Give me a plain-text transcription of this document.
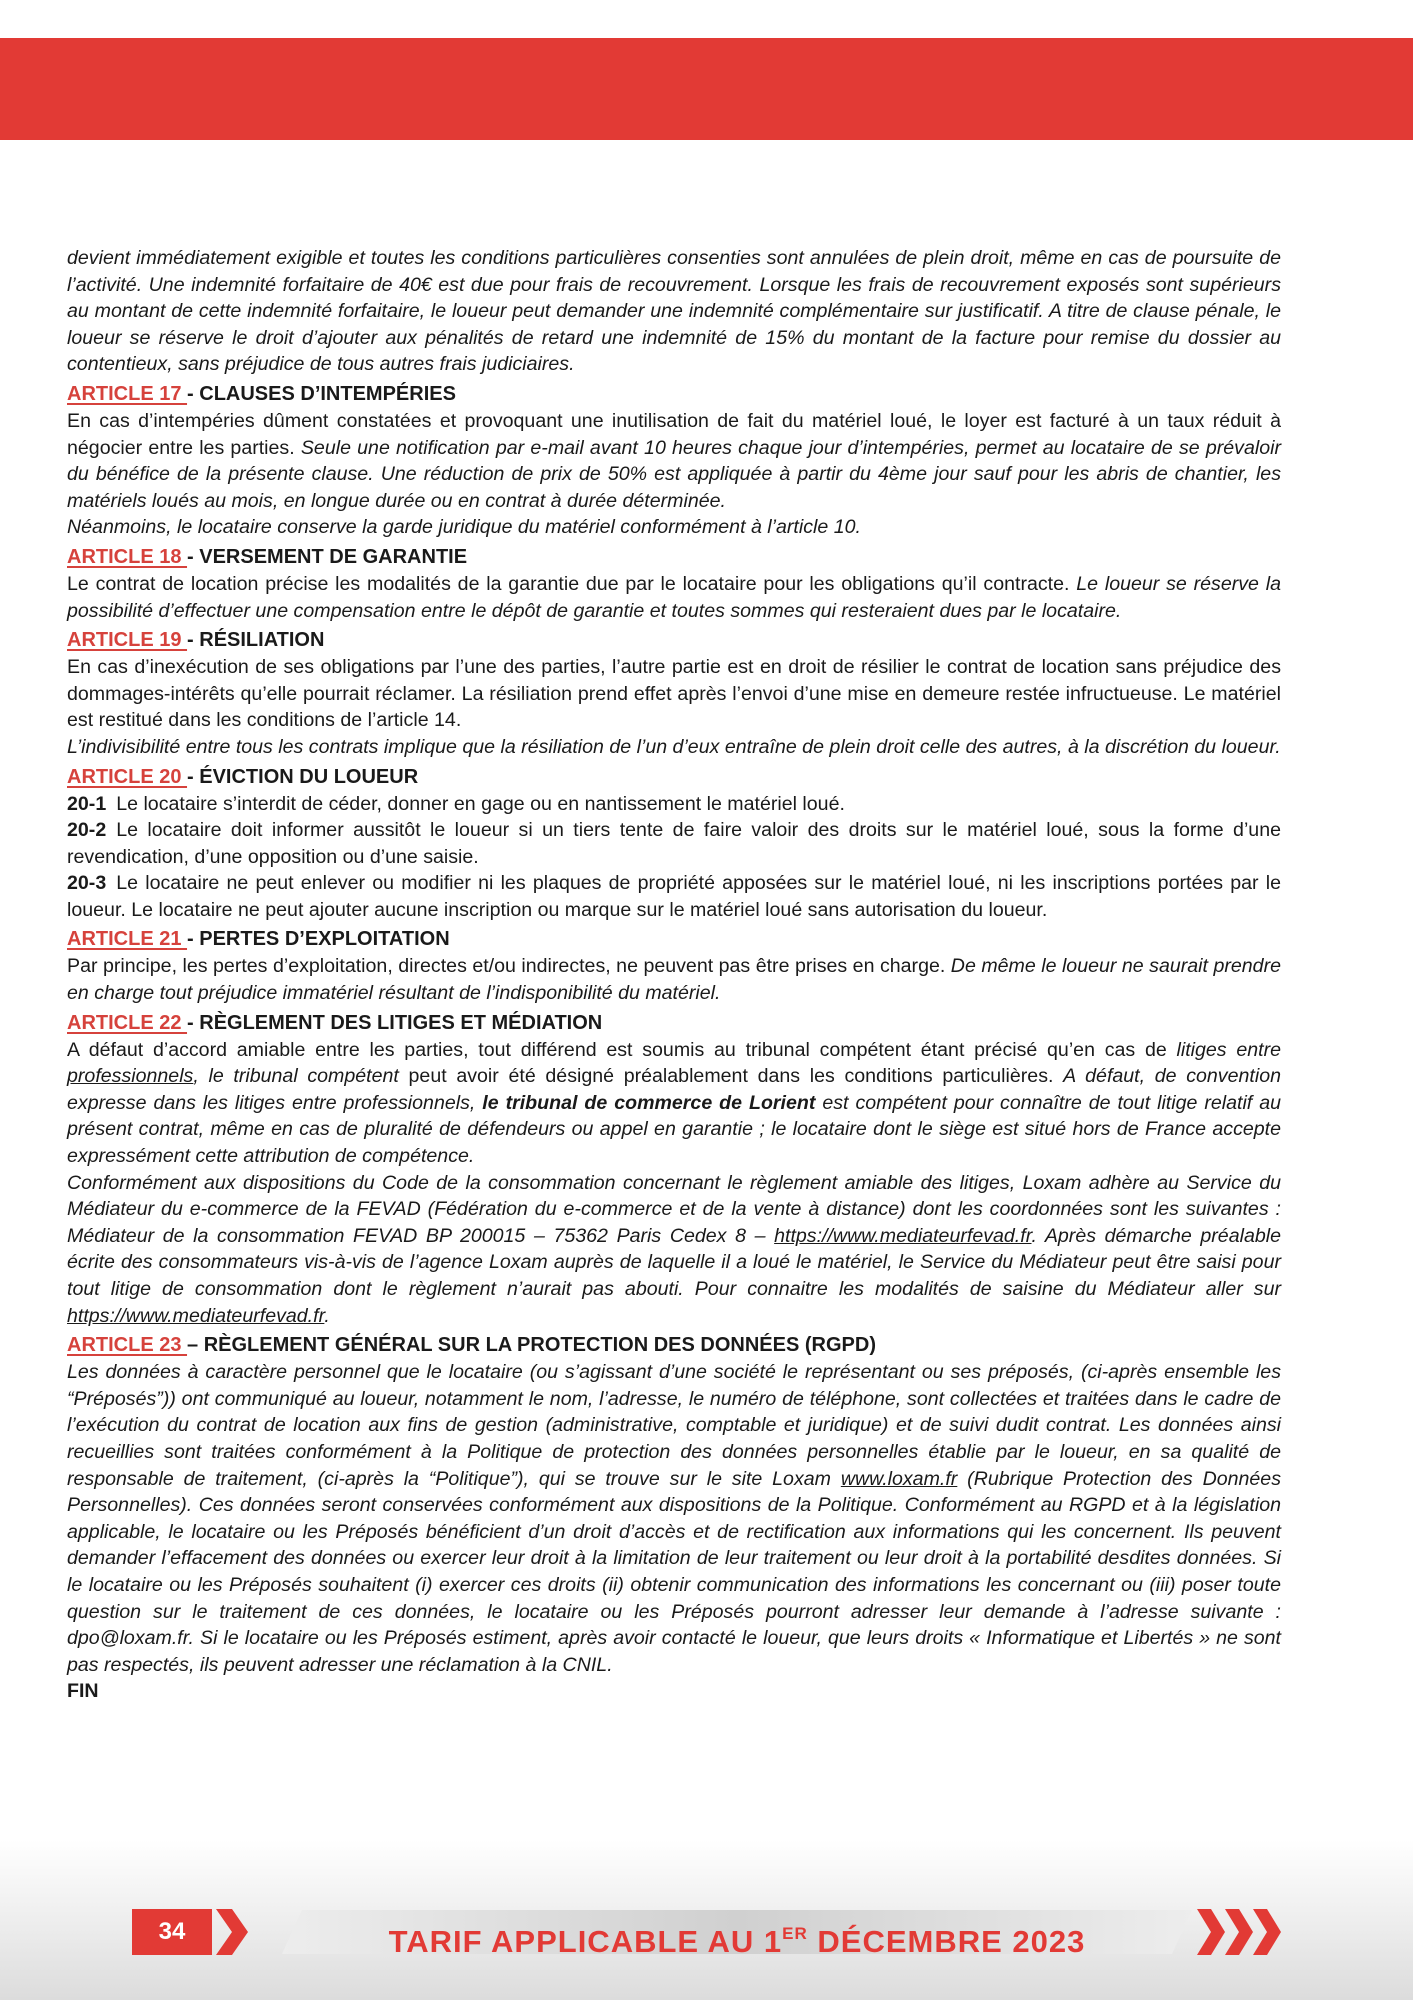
devient immédiatement exigible et toutes les conditions particulières consenties sont annulées de plein droit, même en cas de poursuite de l’activité. Une indemnité forfaitaire de 40€ est due pour frais de recouvrement. Lorsque les frais de recouvrement exposés sont supérieurs au montant de cette indemnité forfaitaire, le loueur peut demander une indemnité complémentaire sur justificatif. A titre de clause pénale, le loueur se réserve le droit d’ajouter aux pénalités de retard une indemnité de 15% du montant de la facture pour remise du dossier au contentieux, sans préjudice de tous autres frais judiciaires.

ARTICLE 17 - CLAUSES D’INTEMPÉRIES

En cas d’intempéries dûment constatées et provoquant une inutilisation de fait du matériel loué, le loyer est facturé à un taux réduit à négocier entre les parties. Seule une notification par e-mail avant 10 heures chaque jour d’intempéries, permet au locataire de se prévaloir du bénéfice de la présente clause. Une réduction de prix de 50% est appliquée à partir du 4ème jour sauf pour les abris de chantier, les matériels loués au mois, en longue durée ou en contrat à durée déterminée.

Néanmoins, le locataire conserve la garde juridique du matériel conformément à l’article 10.

ARTICLE 18 - VERSEMENT DE GARANTIE

Le contrat de location précise les modalités de la garantie due par le locataire pour les obligations qu’il contracte. Le loueur se réserve la possibilité d’effectuer une compensation entre le dépôt de garantie et toutes sommes qui resteraient dues par le locataire.

ARTICLE 19 - RÉSILIATION

En cas d’inexécution de ses obligations par l’une des parties, l’autre partie est en droit de résilier le contrat de location sans préjudice des dommages-intérêts qu’elle pourrait réclamer. La résiliation prend effet après l’envoi d’une mise en demeure restée infructueuse. Le matériel est restitué dans les conditions de l’article 14.

L’indivisibilité entre tous les contrats implique que la résiliation de l’un d’eux entraîne de plein droit celle des autres, à la discrétion du loueur.

ARTICLE 20 - ÉVICTION DU LOUEUR

20-1 Le locataire s’interdit de céder, donner en gage ou en nantissement le matériel loué.

20-2 Le locataire doit informer aussitôt le loueur si un tiers tente de faire valoir des droits sur le matériel loué, sous la forme d’une revendication, d’une opposition ou d’une saisie.

20-3 Le locataire ne peut enlever ou modifier ni les plaques de propriété apposées sur le matériel loué, ni les inscriptions portées par le loueur. Le locataire ne peut ajouter aucune inscription ou marque sur le matériel loué sans autorisation du loueur.

ARTICLE 21 - PERTES D’EXPLOITATION

Par principe, les pertes d’exploitation, directes et/ou indirectes, ne peuvent pas être prises en charge. De même le loueur ne saurait prendre en charge tout préjudice immatériel résultant de l’indisponibilité du matériel.

ARTICLE 22 - RÈGLEMENT DES LITIGES ET MÉDIATION

A défaut d’accord amiable entre les parties, tout différend est soumis au tribunal compétent étant précisé qu’en cas de litiges entre professionnels, le tribunal compétent peut avoir été désigné préalablement dans les conditions particulières. A défaut, de convention expresse dans les litiges entre professionnels, le tribunal de commerce de Lorient est compétent pour connaître de tout litige relatif au présent contrat, même en cas de pluralité de défendeurs ou appel en garantie ; le locataire dont le siège est situé hors de France accepte expressément cette attribution de compétence.

Conformément aux dispositions du Code de la consommation concernant le règlement amiable des litiges, Loxam adhère au Service du Médiateur du e-commerce de la FEVAD (Fédération du e-commerce et de la vente à distance) dont les coordonnées sont les suivantes : Médiateur de la consommation FEVAD BP 200015 – 75362 Paris Cedex 8 – https://www.mediateurfevad.fr. Après démarche préalable écrite des consommateurs vis-à-vis de l’agence Loxam auprès de laquelle il a loué le matériel, le Service du Médiateur peut être saisi pour tout litige de consommation dont le règlement n’aurait pas abouti. Pour connaitre les modalités de saisine du Médiateur aller sur https://www.mediateurfevad.fr.

ARTICLE 23 – RÈGLEMENT GÉNÉRAL SUR LA PROTECTION DES DONNÉES (RGPD)

Les données à caractère personnel que le locataire (ou s’agissant d’une société le représentant ou ses préposés, (ci-après ensemble les “Préposés”)) ont communiqué au loueur, notamment le nom, l’adresse, le numéro de téléphone, sont collectées et traitées dans le cadre de l’exécution du contrat de location aux fins de gestion (administrative, comptable et juridique) et de suivi dudit contrat. Les données ainsi recueillies sont traitées conformément à la Politique de protection des données personnelles établie par le loueur, en sa qualité de responsable de traitement, (ci-après la “Politique”), qui se trouve sur le site Loxam www.loxam.fr (Rubrique Protection des Données Personnelles). Ces données seront conservées conformément aux dispositions de la Politique. Conformément au RGPD et à la législation applicable, le locataire ou les Préposés bénéficient d’un droit d’accès et de rectification aux informations qui les concernent. Ils peuvent demander l’effacement des données ou exercer leur droit à la limitation de leur traitement ou leur droit à la portabilité desdites données. Si le locataire ou les Préposés souhaitent (i) exercer ces droits (ii) obtenir communication des informations les concernant ou (iii) poser toute question sur le traitement de ces données, le locataire ou les Préposés pourront adresser leur demande à l’adresse suivante : dpo@loxam.fr. Si le locataire ou les Préposés estiment, après avoir contacté le loueur, que leurs droits « Informatique et Libertés » ne sont pas respectés, ils peuvent adresser une réclamation à la CNIL.

FIN

34	TARIF APPLICABLE AU 1ER DÉCEMBRE 2023
